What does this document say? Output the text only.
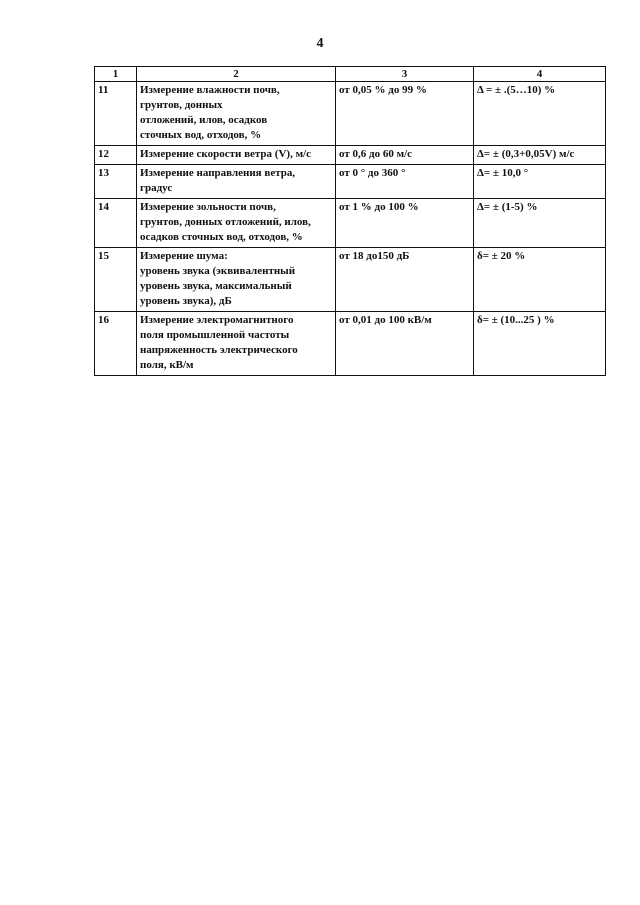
4
1	2	3	4
11	Измерение влажности почв,
грунтов, донных
отложений, илов, осадков
сточных вод, отходов, %	от 0,05 % до 99 %	Δ = ± .(5…10) %
12	Измерение скорости ветра (V), м/с	от 0,6 до 60 м/с	Δ= ± (0,3+0,05V) м/с
13	Измерение направления ветра,
градус	от 0 ° до 360 °	Δ= ± 10,0 °
14	Измерение зольности почв,
грунтов, донных отложений, илов,
осадков сточных вод, отходов, %	от 1 % до 100 %	Δ= ± (1-5) %
15	Измерение шума:
уровень звука (эквивалентный
уровень звука, максимальный
уровень звука), дБ	от 18 до150 дБ	δ= ± 20 %
16	Измерение электромагнитного
поля промышленной частоты
напряженность электрического
поля, кВ/м	от 0,01 до 100 кВ/м	δ= ± (10...25 ) %
